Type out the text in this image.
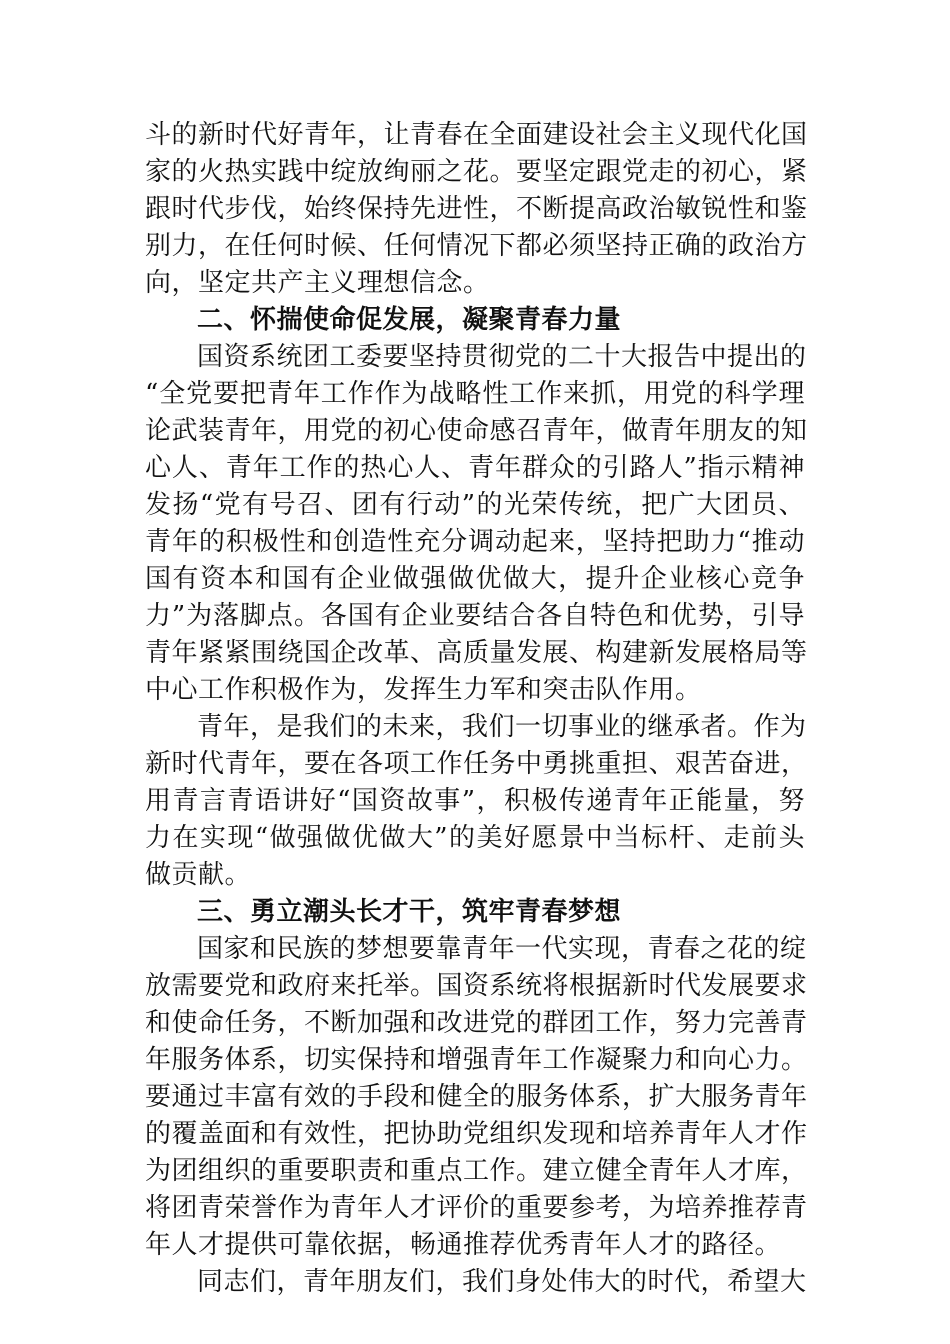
斗的新时代好青年，让青春在全面建设社会主义现代化国
家的火热实践中绽放绚丽之花。要坚定跟党走的初心，紧
跟时代步伐，始终保持先进性，不断提高政治敏锐性和鉴
别力，在任何时候、任何情况下都必须坚持正确的政治方
向，坚定共产主义理想信念。
二、怀揣使命促发展，凝聚青春力量
国资系统团工委要坚持贯彻党的二十大报告中提出的
“全党要把青年工作作为战略性工作来抓，用党的科学理
论武装青年，用党的初心使命感召青年，做青年朋友的知
心人、青年工作的热心人、青年群众的引路人”指示精神
发扬“党有号召、团有行动”的光荣传统，把广大团员、
青年的积极性和创造性充分调动起来，坚持把助力“推动
国有资本和国有企业做强做优做大，提升企业核心竞争
力”为落脚点。各国有企业要结合各自特色和优势，引导
青年紧紧围绕国企改革、高质量发展、构建新发展格局等
中心工作积极作为，发挥生力军和突击队作用。
青年，是我们的未来，我们一切事业的继承者。作为
新时代青年，要在各项工作任务中勇挑重担、艰苦奋进，
用青言青语讲好“国资故事”，积极传递青年正能量，努
力在实现“做强做优做大”的美好愿景中当标杆、走前头
做贡献。
三、勇立潮头长才干，筑牢青春梦想
国家和民族的梦想要靠青年一代实现，青春之花的绽
放需要党和政府来托举。国资系统将根据新时代发展要求
和使命任务，不断加强和改进党的群团工作，努力完善青
年服务体系，切实保持和增强青年工作凝聚力和向心力。
要通过丰富有效的手段和健全的服务体系，扩大服务青年
的覆盖面和有效性，把协助党组织发现和培养青年人才作
为团组织的重要职责和重点工作。建立健全青年人才库，
将团青荣誉作为青年人才评价的重要参考，为培养推荐青
年人才提供可靠依据，畅通推荐优秀青年人才的路径。
同志们，青年朋友们，我们身处伟大的时代，希望大
